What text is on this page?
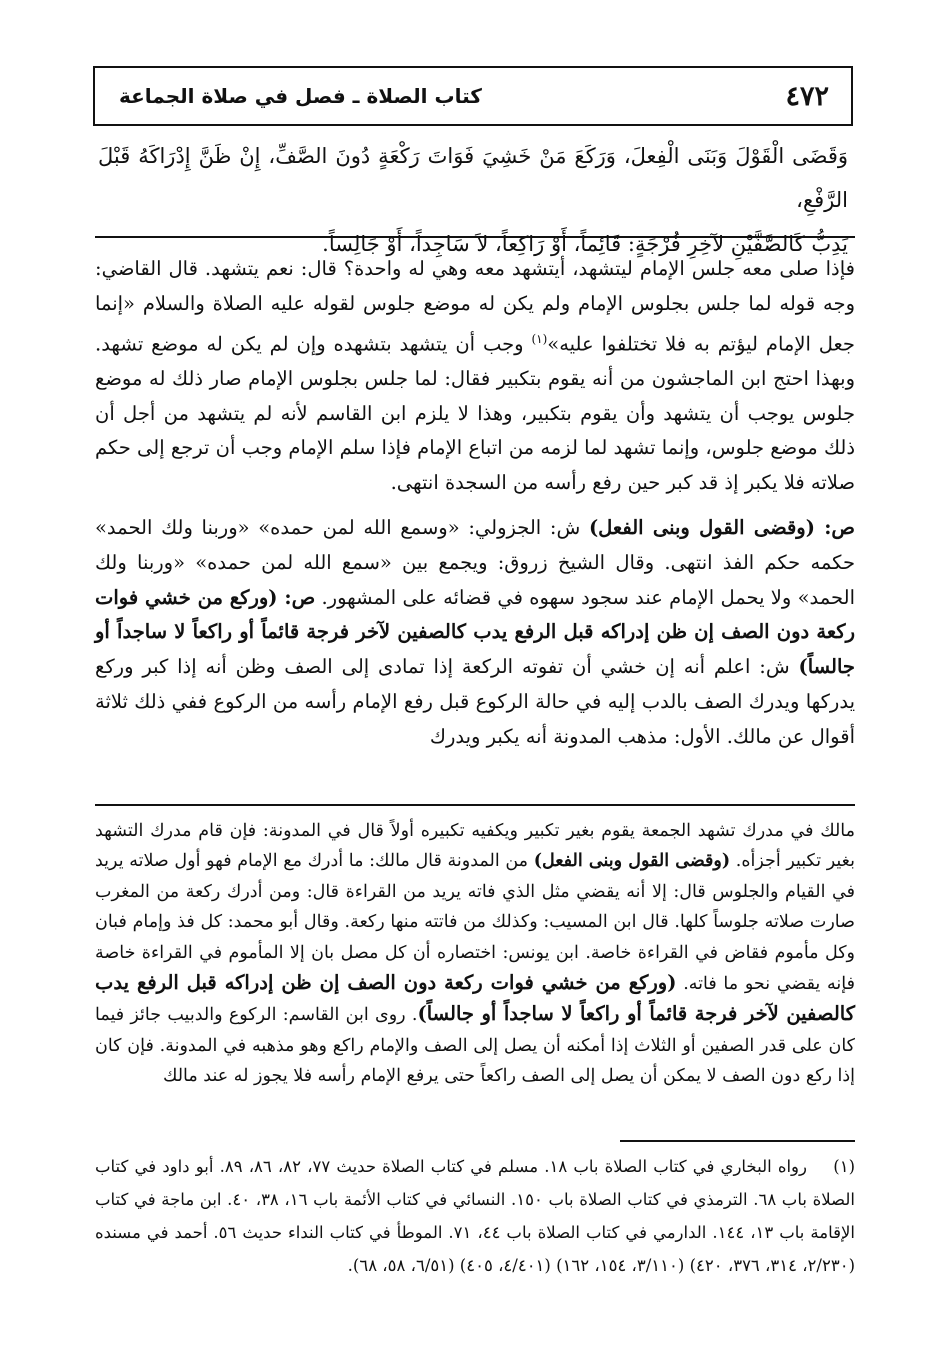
٤٧٢
كتاب الصلاة ـ فصل في صلاة الجماعة

وَقَضَى الْقَوْلَ وَبَنَى الْفِعلَ، وَرَكَعَ مَنْ خَشِيَ فَوَاتَ رَكْعَةٍ دُونَ الصَّفِّ، إِنْ ظَنَّ إِدْرَاكَهُ قَبْلَ الرَّفْعِ،

يَدِبُّ كَالصَّفَّيْنِ لآخِرِ فُرْجَةٍ: قَائِماً، أَوْ رَاكِعاً، لاَ سَاجِداً، أَوْ جَالِساً.

فإذا صلى معه جلس الإمام ليتشهد، أيتشهد معه وهي له واحدة؟ قال: نعم يتشهد. قال القاضي: وجه قوله لما جلس بجلوس الإمام ولم يكن له موضع جلوس لقوله عليه الصلاة والسلام «إنما جعل الإمام ليؤتم به فلا تختلفوا عليه»$^{(١)}$ وجب أن يتشهد بتشهده وإن لم يكن له موضع تشهد. وبهذا احتج ابن الماجشون من أنه يقوم بتكبير فقال: لما جلس بجلوس الإمام صار ذلك له موضع جلوس يوجب أن يتشهد وأن يقوم بتكبير، وهذا لا يلزم ابن القاسم لأنه لم يتشهد من أجل أن ذلك موضع جلوس، وإنما تشهد لما لزمه من اتباع الإمام فإذا سلم الإمام وجب أن ترجع إلى حكم صلاته فلا يكبر إذ قد كبر حين رفع رأسه من السجدة انتهى.

ص: (وقضى القول وبنى الفعل) ش: الجزولي: «وسمع الله لمن حمده» «وربنا ولك الحمد» حكمه حكم الفذ انتهى. وقال الشيخ زروق: ويجمع بين «سمع الله لمن حمده» «وربنا ولك الحمد» ولا يحمل الإمام عند سجود سهوه في قضائه على المشهور. ص: (وركع من خشي فوات ركعة دون الصف إن ظن إدراكه قبل الرفع يدب كالصفين لآخر فرجة قائماً أو راكعاً لا ساجداً أو جالساً) ش: اعلم أنه إن خشي أن تفوته الركعة إذا تمادى إلى الصف وظن أنه إذا كبر وركع يدركها ويدرك الصف بالدب إليه في حالة الركوع قبل رفع الإمام رأسه من الركوع ففي ذلك ثلاثة أقوال عن مالك. الأول: مذهب المدونة أنه يكبر ويدرك

مالك في مدرك تشهد الجمعة يقوم بغير تكبير ويكفيه تكبيره أولاً قال في المدونة: فإن قام مدرك التشهد بغير تكبير أجزأه. (وقضى القول وبنى الفعل) من المدونة قال مالك: ما أدرك مع الإمام فهو أول صلاته يريد في القيام والجلوس قال: إلا أنه يقضي مثل الذي فاته يريد من القراءة قال: ومن أدرك ركعة من المغرب صارت صلاته جلوساً كلها. قال ابن المسيب: وكذلك من فاتته منها ركعة. وقال أبو محمد: كل فذ وإمام فبان وكل مأموم فقاض في القراءة خاصة. ابن يونس: اختصاره أن كل مصل بان إلا المأموم في القراءة خاصة فإنه يقضي نحو ما فاته. (وركع من خشي فوات ركعة دون الصف إن ظن إدراكه قبل الرفع يدب كالصفين لآخر فرجة قائماً أو راكعاً لا ساجداً أو جالساً). روى ابن القاسم: الركوع والدبيب جائز فيما كان على قدر الصفين أو الثلاث إذا أمكنه أن يصل إلى الصف والإمام راكع وهو مذهبه في المدونة. فإن كان إذا ركع دون الصف لا يمكن أن يصل إلى الصف راكعاً حتى يرفع الإمام رأسه فلا يجوز له عند مالك

(١)رواه البخاري في كتاب الصلاة باب ١٨. مسلم في كتاب الصلاة حديث ٧٧، ٨٢، ٨٦، ٨٩. أبو داود في كتاب الصلاة باب ٦٨. الترمذي في كتاب الصلاة باب ١٥٠. النسائي في كتاب الأئمة باب ١٦، ٣٨، ٤٠. ابن ماجة في كتاب الإقامة باب ١٣، ١٤٤. الدارمي في كتاب الصلاة باب ٤٤، ٧١. الموطأ في كتاب النداء حديث ٥٦. أحمد في مسنده (٢/٢٣٠، ٣١٤، ٣٧٦، ٤٢٠) (٣/١١٠، ١٥٤، ١٦٢) (٤/٤٠١، ٤٠٥) (٦/٥١، ٥٨، ٦٨).
